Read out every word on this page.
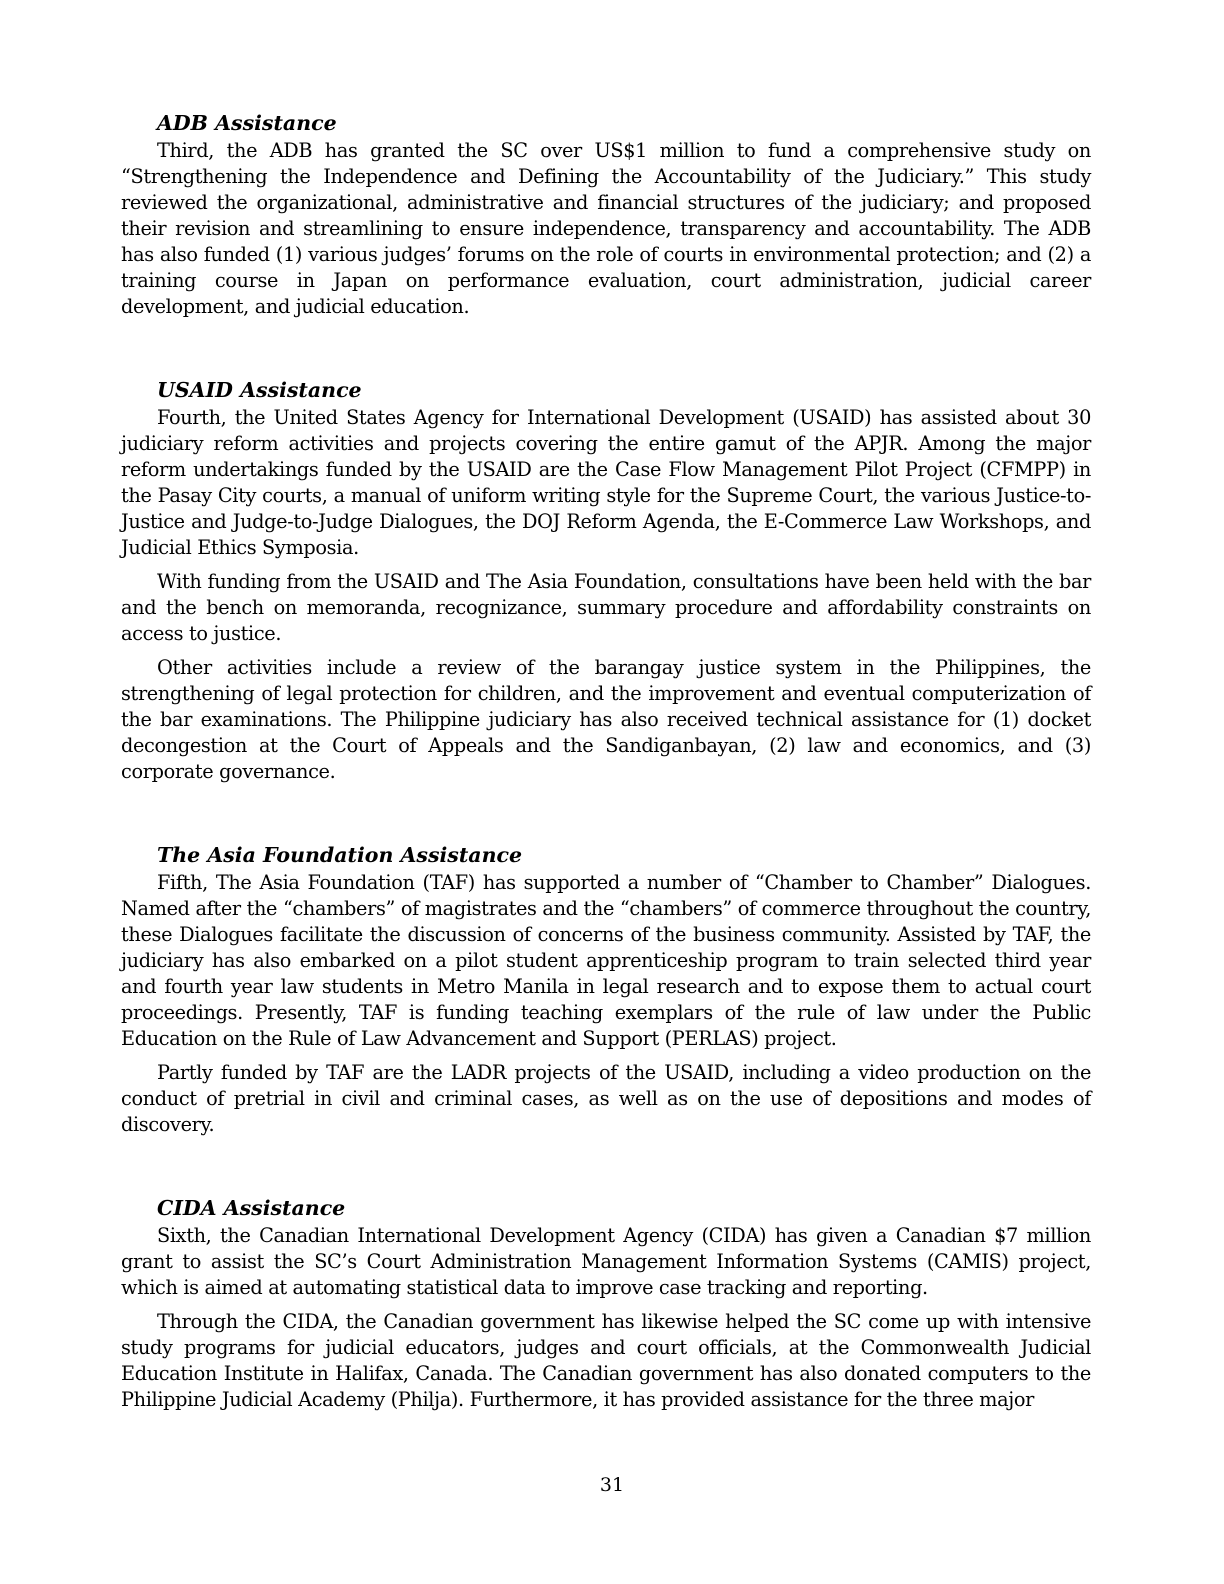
ADB Assistance

Third, the ADB has granted the SC over US$1 million to fund a comprehensive study on “Strengthening the Independence and Defining the Accountability of the Judiciary.” This study reviewed the organizational, administrative and financial structures of the judiciary; and proposed their revision and streamlining to ensure independence, transparency and accountability. The ADB has also funded (1) various judges’ forums on the role of courts in environmental protection; and (2) a training course in Japan on performance evaluation, court administration, judicial career development, and judicial education.

USAID Assistance

Fourth, the United States Agency for International Development (USAID) has assisted about 30 judiciary reform activities and projects covering the entire gamut of the APJR. Among the major reform undertakings funded by the USAID are the Case Flow Management Pilot Project (CFMPP) in the Pasay City courts, a manual of uniform writing style for the Supreme Court, the various Justice-to-Justice and Judge-to-Judge Dialogues, the DOJ Reform Agenda, the E-Commerce Law Workshops, and Judicial Ethics Symposia.

With funding from the USAID and The Asia Foundation, consultations have been held with the bar and the bench on memoranda, recognizance, summary procedure and affordability constraints on access to justice.

Other activities include a review of the barangay justice system in the Philippines, the strengthening of legal protection for children, and the improvement and eventual computerization of the bar examinations. The Philippine judiciary has also received technical assistance for (1) docket decongestion at the Court of Appeals and the Sandiganbayan, (2) law and economics, and (3) corporate governance.

The Asia Foundation Assistance

Fifth, The Asia Foundation (TAF) has supported a number of “Chamber to Chamber” Dialogues. Named after the “chambers” of magistrates and the “chambers” of commerce throughout the country, these Dialogues facilitate the discussion of concerns of the business community. Assisted by TAF, the judiciary has also embarked on a pilot student apprenticeship program to train selected third year and fourth year law students in Metro Manila in legal research and to expose them to actual court proceedings. Presently, TAF is funding teaching exemplars of the rule of law under the Public Education on the Rule of Law Advancement and Support (PERLAS) project.

Partly funded by TAF are the LADR projects of the USAID, including a video production on the conduct of pretrial in civil and criminal cases, as well as on the use of depositions and modes of discovery.

CIDA Assistance

Sixth, the Canadian International Development Agency (CIDA) has given a Canadian $7 million grant to assist the SC’s Court Administration Management Information Systems (CAMIS) project, which is aimed at automating statistical data to improve case tracking and reporting.

Through the CIDA, the Canadian government has likewise helped the SC come up with intensive study programs for judicial educators, judges and court officials, at the Commonwealth Judicial Education Institute in Halifax, Canada. The Canadian government has also donated computers to the Philippine Judicial Academy (Philja). Furthermore, it has provided assistance for the three major

31
